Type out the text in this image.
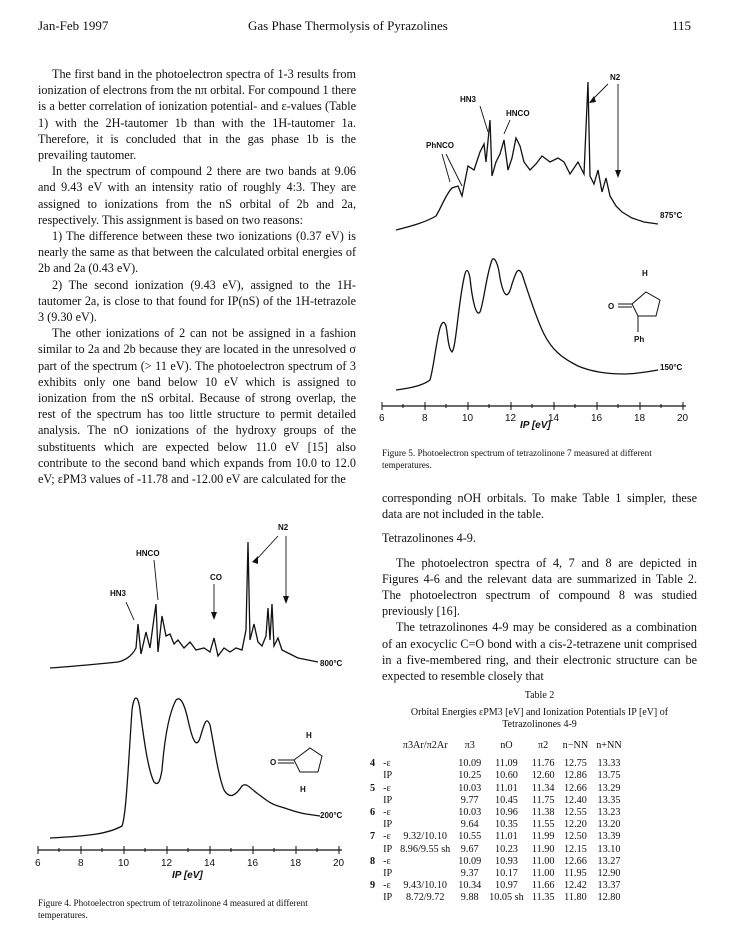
Jan-Feb 1997	Gas Phase Thermolysis of Pyrazolines	115

The first band in the photoelectron spectra of 1-3 results from ionization of electrons from the nπ orbital. For compound 1 there is a better correlation of ionization potential- and ε-values (Table 1) with the 2H-tautomer 1b than with the 1H-tautomer 1a. Therefore, it is concluded that in the gas phase 1b is the prevailing tautomer.

In the spectrum of compound 2 there are two bands at 9.06 and 9.43 eV with an intensity ratio of roughly 4:3. They are assigned to ionizations from the nS orbital of 2b and 2a, respectively. This assignment is based on two reasons:

1) The difference between these two ionizations (0.37 eV) is nearly the same as that between the calculated orbital energies of 2b and 2a (0.43 eV).

2) The second ionization (9.43 eV), assigned to the 1H-tautomer 2a, is close to that found for IP(nS) of the 1H-tetrazole 3 (9.30 eV).

The other ionizations of 2 can not be assigned in a fashion similar to 2a and 2b because they are located in the unresolved σ part of the spectrum (> 11 eV). The photoelectron spectrum of 3 exhibits only one band below 10 eV which is assigned to ionization from the nS orbital. Because of strong overlap, the rest of the spectrum has too little structure to permit detailed analysis. The nO ionizations of the hydroxy groups of the substituents which are expected below 11.0 eV [15] also contribute to the second band which expands from 10.0 to 12.0 eV; εPM3 values of -11.78 and -12.00 eV are calculated for the

6	8	10	12	14	16	18	20
IP [eV]
HNCO
HN3
CO
N2
800°C
200°C
O
H
H
Figure 4. Photoelectron spectrum of tetrazolinone 4 measured at different temperatures.
6	8	10	12	14	16	18	20
IP [eV]
N2
HN3
HNCO
PhNCO
875°C
150°C
O
H
Ph
Figure 5. Photoelectron spectrum of tetrazolinone 7 measured at different temperatures.

corresponding nOH orbitals. To make Table 1 simpler, these data are not included in the table.

Tetrazolinones 4-9.

The photoelectron spectra of 4, 7 and 8 are depicted in Figures 4-6 and the relevant data are summarized in Table 2. The photoelectron spectrum of compound 8 was studied previously [16].

The tetrazolinones 4-9 may be considered as a combination of an exocyclic C=O bond with a cis-2-tetrazene unit comprised in a five-membered ring, and their electronic structure can be expected to resemble closely that

Table 2
Orbital Energies εPM3 [eV] and Ionization Potentials IP [eV] of
Tetrazolinones 4-9
		π3Ar/π2Ar	π3	nO	π2	n−NN	n+NN
4	-ε		10.09	11.09	11.76	12.75	13.33
	IP		10.25	10.60	12.60	12.86	13.75
5	-ε		10.03	11.01	11.34	12.66	13.29
	IP		9.77	10.45	11.75	12.40	13.35
6	-ε		10.03	10.96	11.38	12.55	13.23
	IP		9.64	10.35	11.55	12.20	13.20
7	-ε	9.32/10.10	10.55	11.01	11.99	12.50	13.39
	IP	8.96/9.55 sh	9.67	10.23	11.90	12.15	13.10
8	-ε		10.09	10.93	11.00	12.66	13.27
	IP		9.37	10.17	11.00	11.95	12.90
9	-ε	9.43/10.10	10.34	10.97	11.66	12.42	13.37
	IP	8.72/9.72	9.88	10.05 sh	11.35	11.80	12.80
